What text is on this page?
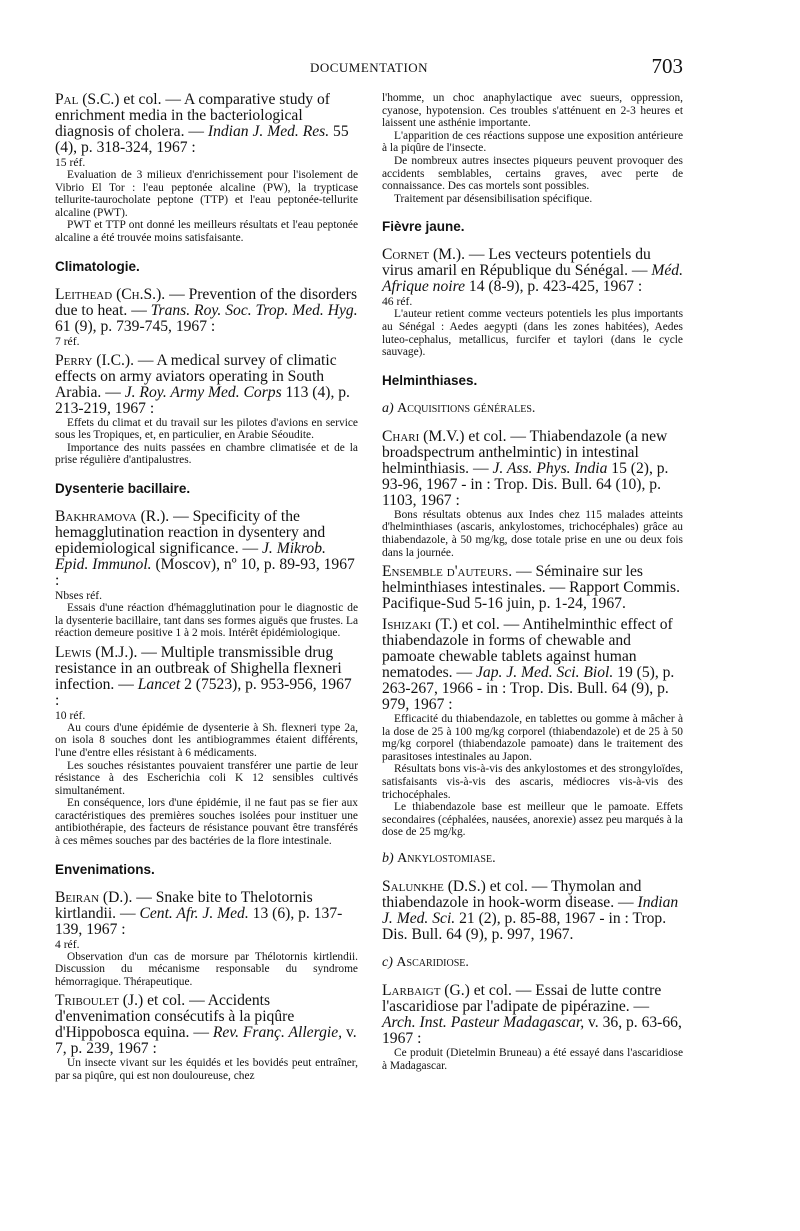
DOCUMENTATION	703

Pal (S.C.) et col. — A comparative study of enrichment media in the bacteriological diagnosis of cholera. — Indian J. Med. Res. 55 (4), p. 318-324, 1967 :

15 réf.

Evaluation de 3 milieux d'enrichissement pour l'isolement de Vibrio El Tor : l'eau peptonée alcaline (PW), la trypticase tellurite-taurocholate peptone (TTP) et l'eau peptonée-tellurite alcaline (PWT).

PWT et TTP ont donné les meilleurs résultats et l'eau peptonée alcaline a été trouvée moins satisfaisante.

Climatologie.

Leithead (Ch.S.). — Prevention of the disorders due to heat. — Trans. Roy. Soc. Trop. Med. Hyg. 61 (9), p. 739-745, 1967 :

7 réf.

Perry (I.C.). — A medical survey of climatic effects on army aviators operating in South Arabia. — J. Roy. Army Med. Corps 113 (4), p. 213-219, 1967 :

Effets du climat et du travail sur les pilotes d'avions en service sous les Tropiques, et, en particulier, en Arabie Séoudite.

Importance des nuits passées en chambre climatisée et de la prise régulière d'antipalustres.

Dysenterie bacillaire.

Bakhramova (R.). — Specificity of the hemagglutination reaction in dysentery and epidemiological significance. — J. Mikrob. Epid. Immunol. (Moscov), nº 10, p. 89-93, 1967 :

Nbses réf.

Essais d'une réaction d'hémagglutination pour le diagnostic de la dysenterie bacillaire, tant dans ses formes aiguës que frustes. La réaction demeure positive 1 à 2 mois. Intérêt épidémiologique.

Lewis (M.J.). — Multiple transmissible drug resistance in an outbreak of Shighella flexneri infection. — Lancet 2 (7523), p. 953-956, 1967 :

10 réf.

Au cours d'une épidémie de dysenterie à Sh. flexneri type 2a, on isola 8 souches dont les antibiogrammes étaient différents, l'une d'entre elles résistant à 6 médicaments.

Les souches résistantes pouvaient transférer une partie de leur résistance à des Escherichia coli K 12 sensibles cultivés simultanément.

En conséquence, lors d'une épidémie, il ne faut pas se fier aux caractéristiques des premières souches isolées pour instituer une antibiothérapie, des facteurs de résistance pouvant être transférés à ces mêmes souches par des bactéries de la flore intestinale.

Envenimations.

Beiran (D.). — Snake bite to Thelotornis kirtlandii. — Cent. Afr. J. Med. 13 (6), p. 137-139, 1967 :

4 réf.

Observation d'un cas de morsure par Thélotornis kirtlendii. Discussion du mécanisme responsable du syndrome hémorragique. Thérapeutique.

Triboulet (J.) et col. — Accidents d'envenimation consécutifs à la piqûre d'Hippobosca equina. — Rev. Franç. Allergie, v. 7, p. 239, 1967 :

Un insecte vivant sur les équidés et les bovidés peut entraîner, par sa piqûre, qui est non douloureuse, chez

l'homme, un choc anaphylactique avec sueurs, oppression, cyanose, hypotension. Ces troubles s'atténuent en 2-3 heures et laissent une asthénie importante.

L'apparition de ces réactions suppose une exposition antérieure à la piqûre de l'insecte.

De nombreux autres insectes piqueurs peuvent provoquer des accidents semblables, certains graves, avec perte de connaissance. Des cas mortels sont possibles.

Traitement par désensibilisation spécifique.

Fièvre jaune.

Cornet (M.). — Les vecteurs potentiels du virus amaril en République du Sénégal. — Méd. Afrique noire 14 (8-9), p. 423-425, 1967 :

46 réf.

L'auteur retient comme vecteurs potentiels les plus importants au Sénégal : Aedes aegypti (dans les zones habitées), Aedes luteo-cephalus, metallicus, furcifer et taylori (dans le cycle sauvage).

Helminthiases.
a) Acquisitions générales.

Chari (M.V.) et col. — Thiabendazole (a new broadspectrum anthelmintic) in intestinal helminthiasis. — J. Ass. Phys. India 15 (2), p. 93-96, 1967 - in : Trop. Dis. Bull. 64 (10), p. 1103, 1967 :

Bons résultats obtenus aux Indes chez 115 malades atteints d'helminthiases (ascaris, ankylostomes, trichocéphales) grâce au thiabendazole, à 50 mg/kg, dose totale prise en une ou deux fois dans la journée.

Ensemble d'auteurs. — Séminaire sur les helminthiases intestinales. — Rapport Commis. Pacifique-Sud 5-16 juin, p. 1-24, 1967.

Ishizaki (T.) et col. — Antihelminthic effect of thiabendazole in forms of chewable and pamoate chewable tablets against human nematodes. — Jap. J. Med. Sci. Biol. 19 (5), p. 263-267, 1966 - in : Trop. Dis. Bull. 64 (9), p. 979, 1967 :

Efficacité du thiabendazole, en tablettes ou gomme à mâcher à la dose de 25 à 100 mg/kg corporel (thiabendazole) et de 25 à 50 mg/kg corporel (thiabendazole pamoate) dans le traitement des parasitoses intestinales au Japon.

Résultats bons vis-à-vis des ankylostomes et des strongyloïdes, satisfaisants vis-à-vis des ascaris, médiocres vis-à-vis des trichocéphales.

Le thiabendazole base est meilleur que le pamoate. Effets secondaires (céphalées, nausées, anorexie) assez peu marqués à la dose de 25 mg/kg.

b) Ankylostomiase.

Salunkhe (D.S.) et col. — Thymolan and thiabendazole in hook-worm disease. — Indian J. Med. Sci. 21 (2), p. 85-88, 1967 - in : Trop. Dis. Bull. 64 (9), p. 997, 1967.

c) Ascaridiose.

Larbaigt (G.) et col. — Essai de lutte contre l'ascaridiose par l'adipate de pipérazine. — Arch. Inst. Pasteur Madagascar, v. 36, p. 63-66, 1967 :

Ce produit (Dietelmin Bruneau) a été essayé dans l'ascaridiose à Madagascar.
